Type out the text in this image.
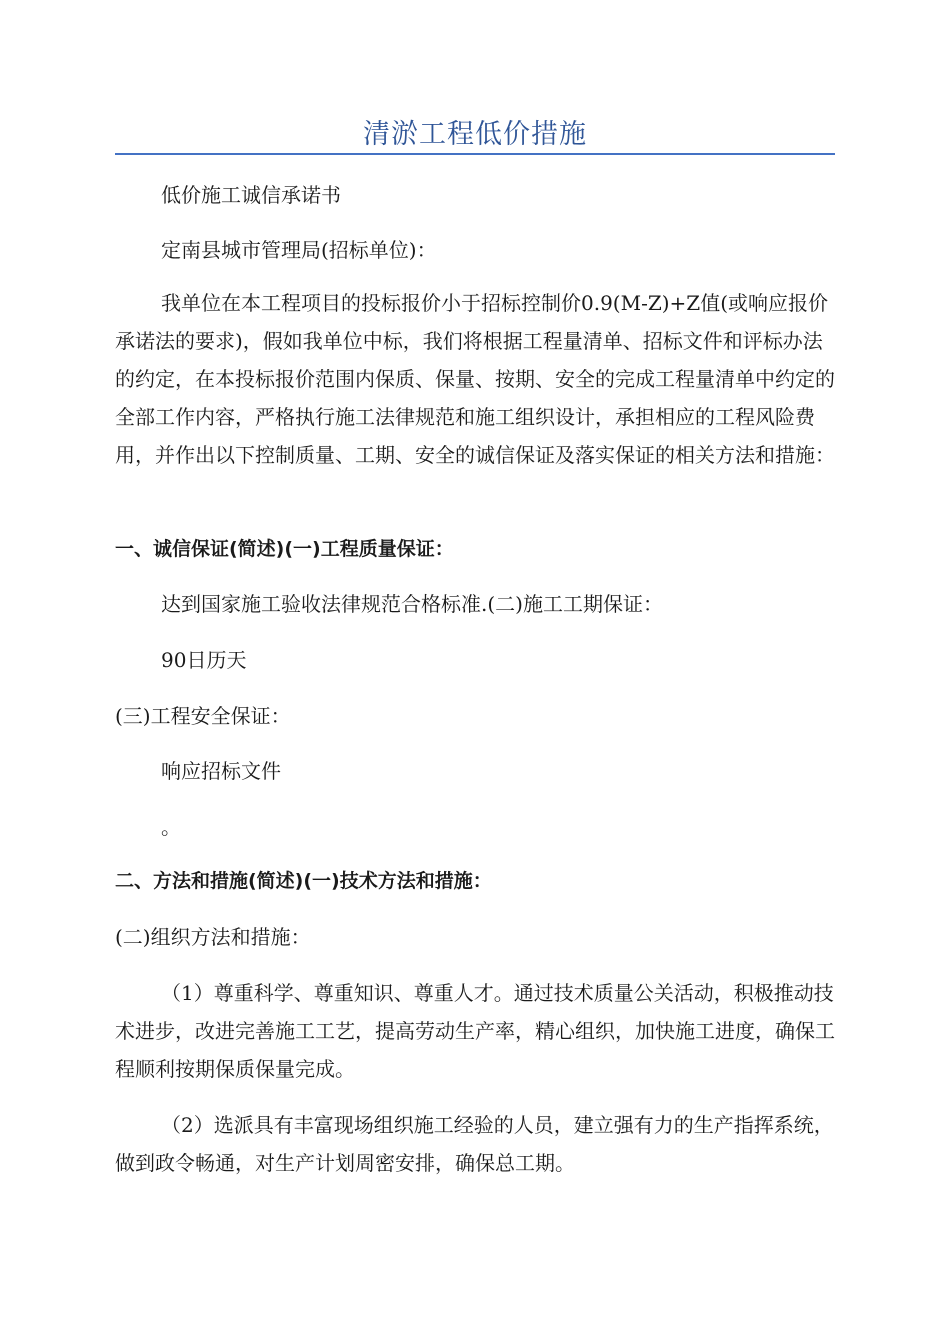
清淤工程低价措施

低价施工诚信承诺书

定南县城市管理局(招标单位)：

我单位在本工程项目的投标报价小于招标控制价0.9(M-Z)+Z值(或响应报价承诺法的要求)，假如我单位中标，我们将根据工程量清单、招标文件和评标办法的约定，在本投标报价范围内保质、保量、按期、安全的完成工程量清单中约定的全部工作内容，严格执行施工法律规范和施工组织设计，承担相应的工程风险费用，并作出以下控制质量、工期、安全的诚信保证及落实保证的相关方法和措施：

一、诚信保证(简述)(一)工程质量保证：

达到国家施工验收法律规范合格标准.(二)施工工期保证：

90日历天

(三)工程安全保证：

响应招标文件

。

二、方法和措施(简述)(一)技术方法和措施：

(二)组织方法和措施：

（1）尊重科学、尊重知识、尊重人才。通过技术质量公关活动，积极推动技术进步，改进完善施工工艺，提高劳动生产率，精心组织，加快施工进度，确保工程顺利按期保质保量完成。

（2）选派具有丰富现场组织施工经验的人员，建立强有力的生产指挥系统，做到政令畅通，对生产计划周密安排，确保总工期。
